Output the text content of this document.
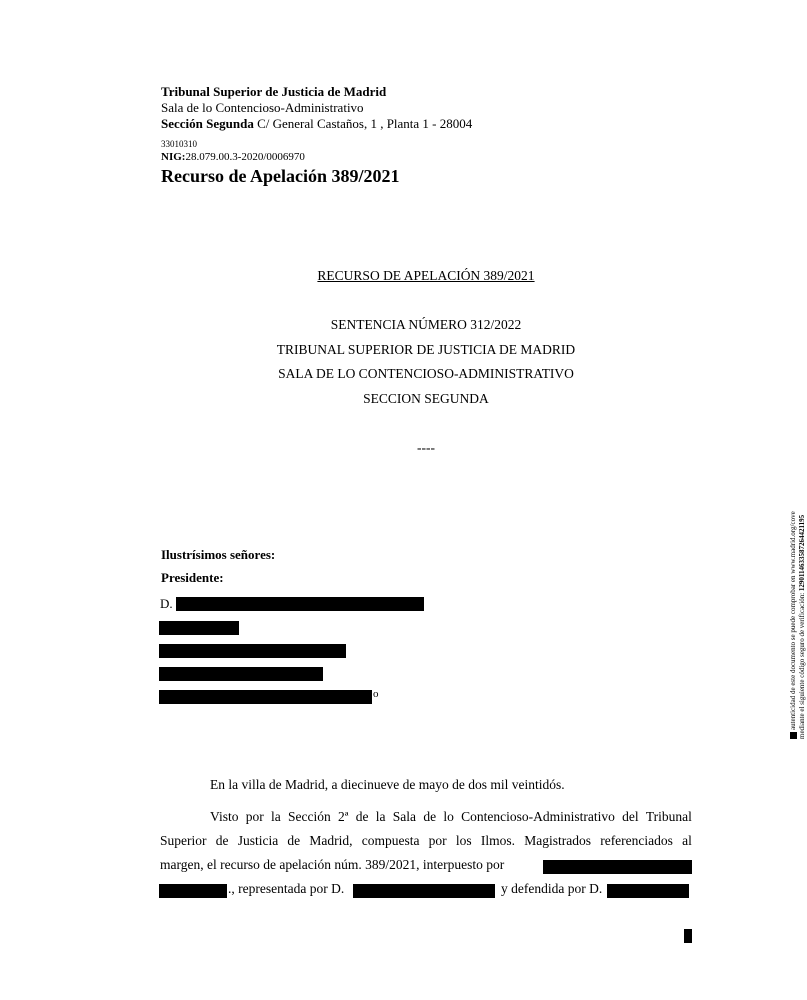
Tribunal Superior de Justicia de Madrid
Sala de lo Contencioso-Administrativo
Sección Segunda C/ General Castaños, 1 , Planta 1 - 28004
33010310
NIG:28.079.00.3-2020/0006970
Recurso de Apelación 389/2021
RECURSO DE APELACIÓN 389/2021
SENTENCIA NÚMERO 312/2022
TRIBUNAL SUPERIOR DE JUSTICIA DE MADRID
SALA DE LO CONTENCIOSO-ADMINISTRATIVO
SECCION SEGUNDA
----
Ilustrísimos señores:
Presidente:
D.
o
En la villa de Madrid, a diecinueve de mayo de dos mil veintidós.
Visto por la Sección 2ª de la Sala de lo Contencioso-Administrativo del Tribunal
Superior de Justicia de Madrid, compuesta por los Ilmos. Magistrados referenciados al
margen, el recurso de apelación núm. 389/2021, interpuesto por
., representada por D.	y defendida por D.
autenticidad de este documento se puede comprobar en www.madrid.org/cove mediante el siguiente código seguro de verificación: 1290114633587264421195
